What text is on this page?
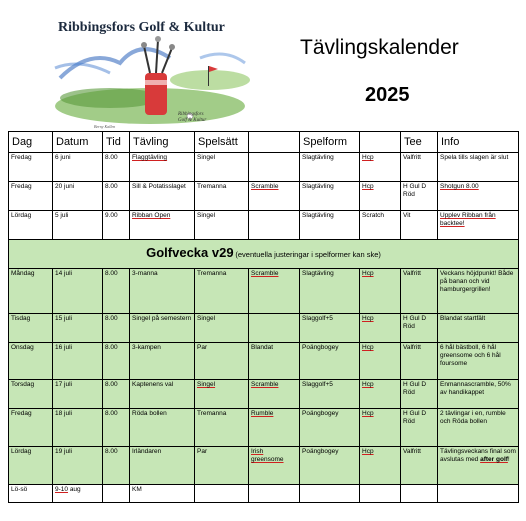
Ribbingsfors Golf & Kultur
Ribbingsfors
Golf & Kultur
Berny Kallen
Tävlingskalender
2025
Dag	Datum	Tid	Tävling	Spelsätt		Spelform		Tee	Info
Fredag	6 juni	8.00	Flaggtävling	Singel		Slagtävling	Hcp	Valfritt	Spela tills slagen är slut
Fredag	20 juni	8.00	Sill & Potatisslaget	Tremanna	Scramble	Slagtävling	Hcp	H Gul D Röd	Shotgun 8.00
Lördag	5 juli	9.00	Ribban Open	Singel		Slagtävling	Scratch	Vit	Upplev Ribban från backtee!
Golfvecka v29 (eventuella justeringar i spelformer kan ske)									
Måndag	14 juli	8.00	3-manna	Tremanna	Scramble	Slagtävling	Hcp	Valfritt	Veckans höjdpunkt! Både på banan och vid hamburgergrillen!
Tisdag	15 juli	8.00	Singel på semestern	Singel		Slaggolf+5	Hcp	H Gul D Röd	Blandat startfält
Onsdag	16 juli	8.00	3-kampen	Par	Blandat	Poängbogey	Hcp	Valfritt	6 hål bästboll, 6 hål greensome och 6 hål foursome
Torsdag	17 juli	8.00	Kaptenens val	Singel	Scramble	Slaggolf+5	Hcp	H Gul D Röd	Enmannascramble, 50% av handikappet
Fredag	18 juli	8.00	Röda bollen	Tremanna	Rumble	Poängbogey	Hcp	H Gul D Röd	2 tävlingar i en, rumble och Röda bollen
Lördag	19 juli	8.00	Irländaren	Par	Irish greensome	Poängbogey	Hcp	Valfritt	Tävlingsveckans final som avslutas med after golf!
Lö-sö	9-10 aug		KM						
